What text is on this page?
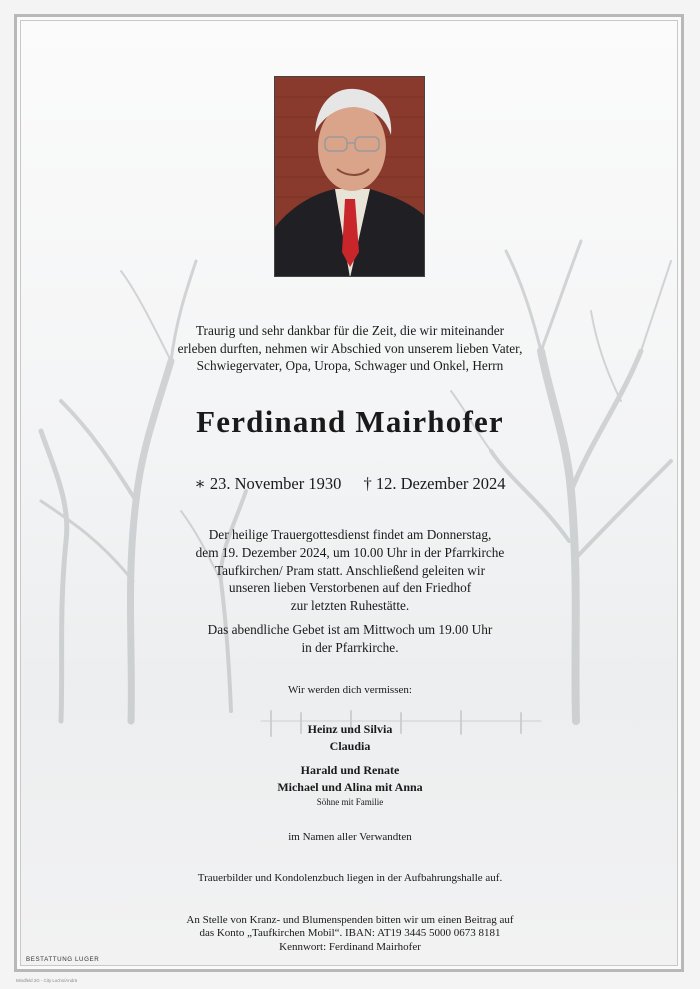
Traurig und sehr dankbar für die Zeit, die wir miteinander

erleben durften, nehmen wir Abschied von unserem lieben Vater,

Schwiegervater, Opa, Uropa, Schwager und Onkel, Herrn

Ferdinand Mairhofer
∗ 23. November 1930 † 12. Dezember 2024

Der heilige Trauergottesdienst findet am Donnerstag,

dem 19. Dezember 2024, um 10.00 Uhr in der Pfarrkirche

Taufkirchen/ Pram statt. Anschließend geleiten wir

unseren lieben Verstorbenen auf den Friedhof

zur letzten Ruhestätte.

Das abendliche Gebet ist am Mittwoch um 19.00 Uhr

in der Pfarrkirche.

Wir werden dich vermissen:

Heinz und Silvia

Claudia

Harald und Renate

Michael und Alina mit Anna

Söhne mit Familie
im Namen aller Verwandten
Trauerbilder und Kondolenzbuch liegen in der Aufbahrungshalle auf.

An Stelle von Kranz- und Blumenspenden bitten wir um einen Beitrag auf

das Konto „Taufkirchen Mobil“. IBAN: AT19 3445 5000 0673 8181

Kennwort: Ferdinand Mairhofer

BESTATTUNG LUGER
Mindfeld 2G - City Lochs/Andrä
